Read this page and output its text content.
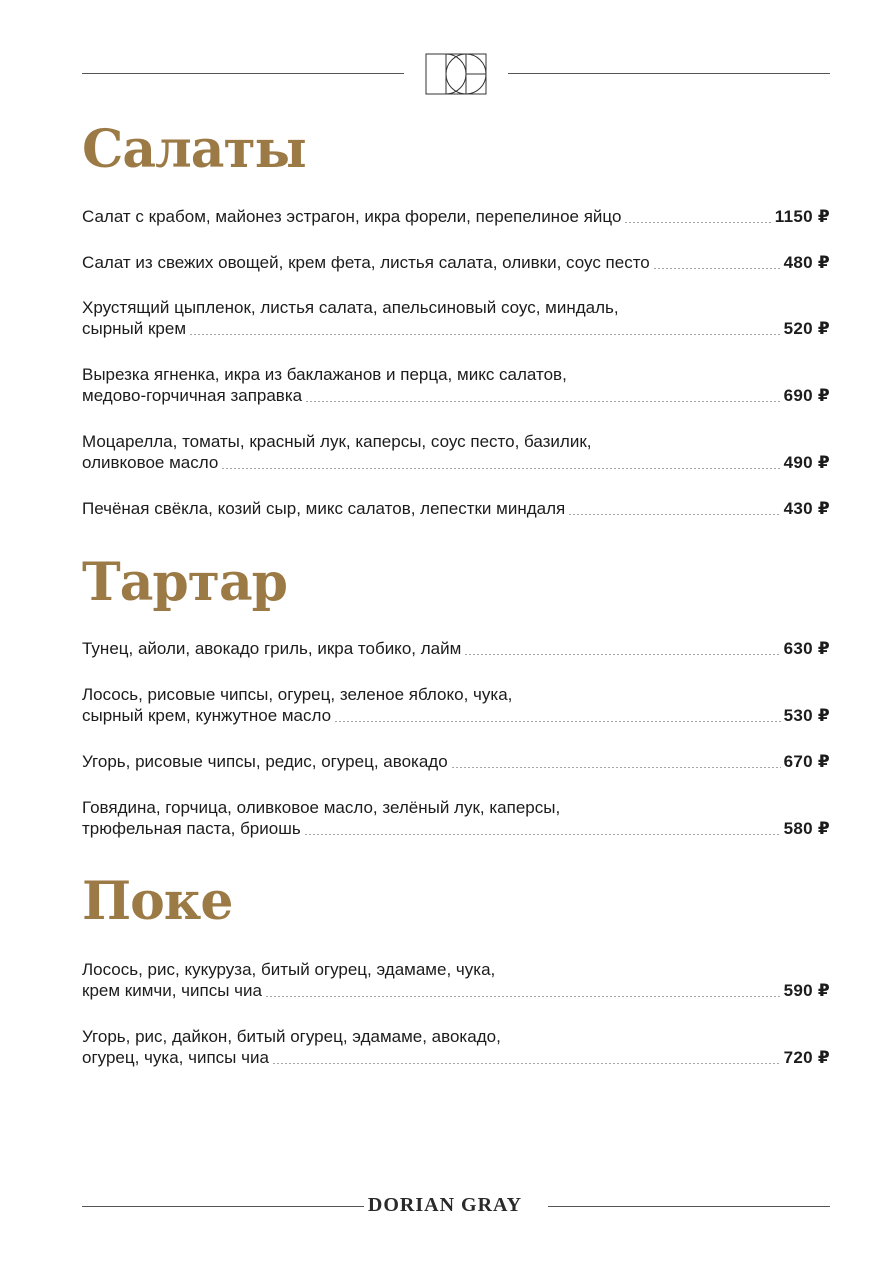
Салаты
Салат с крабом, майонез эстрагон, икра форели, перепелиное яйцо	1150 ₽
Салат из свежих овощей, крем фета, листья салата, оливки, соус песто	480 ₽
Хрустящий цыпленок, листья салата, апельсиновый соус, миндаль,
сырный крем	520 ₽
Вырезка ягненка, икра из баклажанов и перца, микс салатов,
медово-горчичная заправка	690 ₽
Моцарелла, томаты, красный лук, каперсы, соус песто, базилик,
оливковое масло	490 ₽
Печёная свёкла, козий сыр, микс салатов, лепестки миндаля	430 ₽
Тартар
Тунец, айоли, авокадо гриль, икра тобико, лайм	630 ₽
Лосось, рисовые чипсы, огурец, зеленое яблоко, чука,
сырный крем, кунжутное масло	530 ₽
Угорь, рисовые чипсы, редис, огурец, авокадо	670 ₽
Говядина, горчица, оливковое масло, зелёный лук, каперсы,
трюфельная паста, бриошь	580 ₽
Поке
Лосось, рис, кукуруза, битый огурец, эдамаме, чука,
крем кимчи, чипсы чиа	590 ₽
Угорь, рис, дайкон, битый огурец, эдамаме, авокадо,
огурец, чука, чипсы чиа	720 ₽
DORIAN GRAY
